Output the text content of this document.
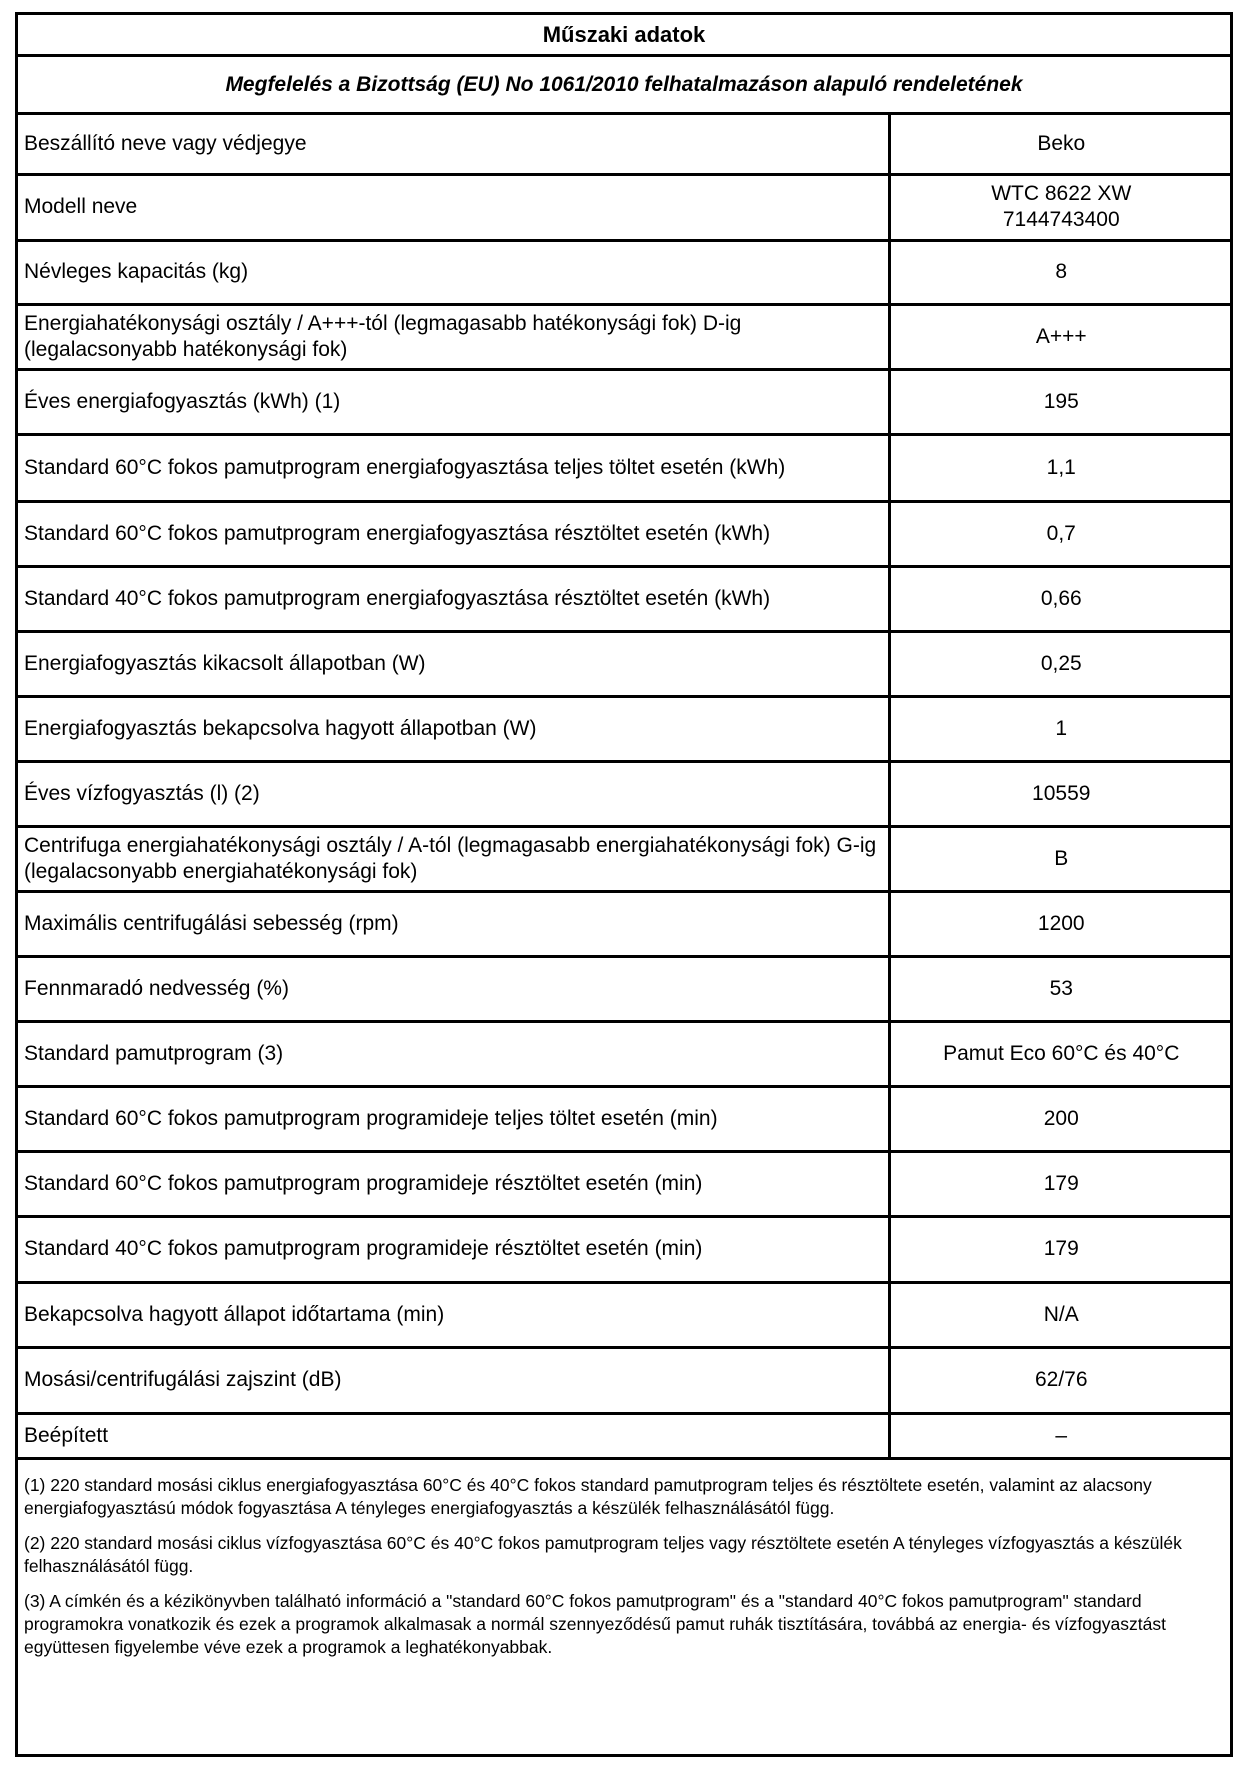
Műszaki adatok
Megfelelés a Bizottság (EU) No 1061/2010 felhatalmazáson alapuló rendeletének
Beszállító neve vagy védjegye	Beko
Modell neve	WTC 8622 XW
7144743400

Névleges kapacitás (kg)	8
Energiahatékonysági osztály / A+++-tól (legmagasabb hatékonysági fok) D-ig (legalacsonyabb hatékonysági fok)	A+++
Éves energiafogyasztás (kWh) (1)	195
Standard 60°C fokos pamutprogram energiafogyasztása teljes töltet esetén (kWh)	1,1
Standard 60°C fokos pamutprogram energiafogyasztása résztöltet esetén (kWh)	0,7
Standard 40°C fokos pamutprogram energiafogyasztása résztöltet esetén (kWh)	0,66
Energiafogyasztás kikacsolt állapotban (W)	0,25
Energiafogyasztás bekapcsolva hagyott állapotban (W)	1
Éves vízfogyasztás (l) (2)	10559
Centrifuga energiahatékonysági osztály / A-tól (legmagasabb energiahatékonysági fok) G-ig (legalacsonyabb energiahatékonysági fok)	B
Maximális centrifugálási sebesség (rpm)	1200
Fennmaradó nedvesség (%)	53
Standard pamutprogram (3)	Pamut Eco 60°C és 40°C
Standard 60°C fokos pamutprogram programideje teljes töltet esetén (min)	200
Standard 60°C fokos pamutprogram programideje résztöltet esetén (min)	179
Standard 40°C fokos pamutprogram programideje résztöltet esetén (min)	179
Bekapcsolva hagyott állapot időtartama (min)	N/A
Mosási/centrifugálási zajszint (dB)	62/76
Beépített	–

(1) 220 standard mosási ciklus energiafogyasztása 60°C és 40°C fokos standard pamutprogram teljes és résztöltete esetén, valamint az alacsony energiafogyasztású módok fogyasztása A tényleges energiafogyasztás a készülék felhasználásától függ.

(2) 220 standard mosási ciklus vízfogyasztása 60°C és 40°C fokos pamutprogram teljes vagy résztöltete esetén A tényleges vízfogyasztás a készülék felhasználásától függ.

(3) A címkén és a kézikönyvben található információ a "standard 60°C fokos pamutprogram" és a "standard 40°C fokos pamutprogram" standard programokra vonatkozik és ezek a programok alkalmasak a normál szennyeződésű pamut ruhák tisztítására, továbbá az energia- és vízfogyasztást együttesen figyelembe véve ezek a programok a leghatékonyabbak.
